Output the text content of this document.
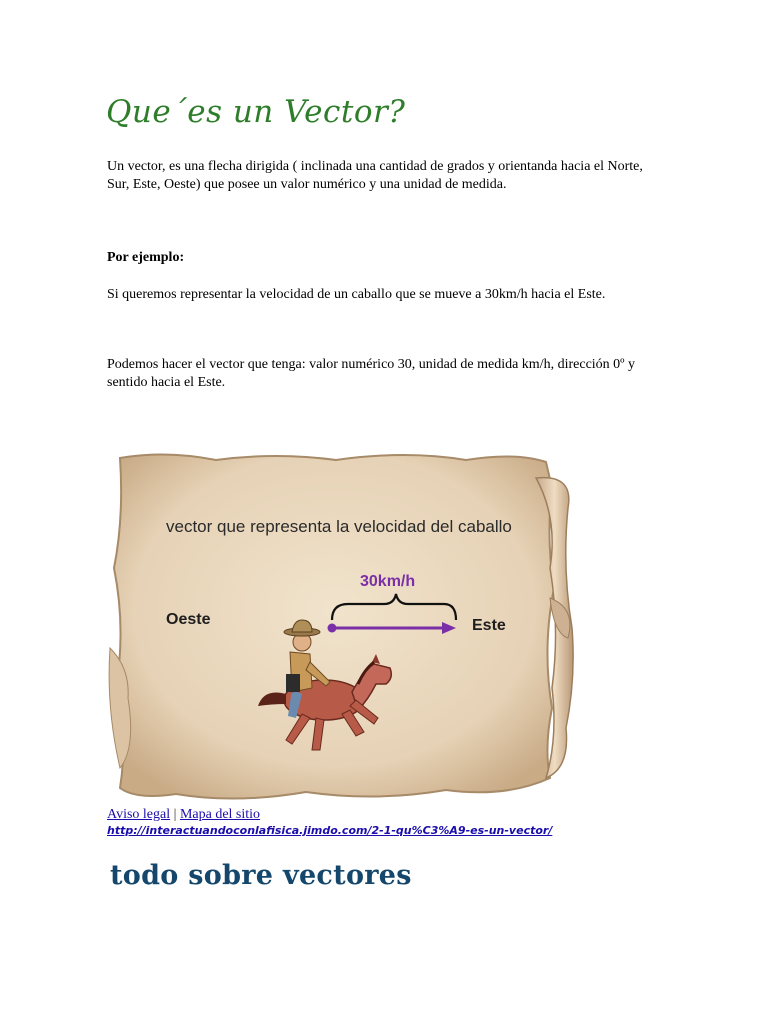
Que´es un Vector?

Un vector, es una flecha dirigida ( inclinada una cantidad de grados y orientanda hacia el Norte, Sur, Este, Oeste) que posee un valor numérico y una unidad de medida.

Por ejemplo:

Si queremos representar la velocidad de un caballo que se mueve a 30km/h hacia el Este.

Podemos hacer el vector que tenga: valor numérico 30, unidad de medida km/h, dirección 0º y sentido hacia el Este.

vector que representa la velocidad del caballo
30km/h
Oeste	Este

Aviso legal | Mapa del sitio

http://interactuandoconlafisica.jimdo.com/2-1-qu%C3%A9-es-un-vector/
todo sobre vectores
